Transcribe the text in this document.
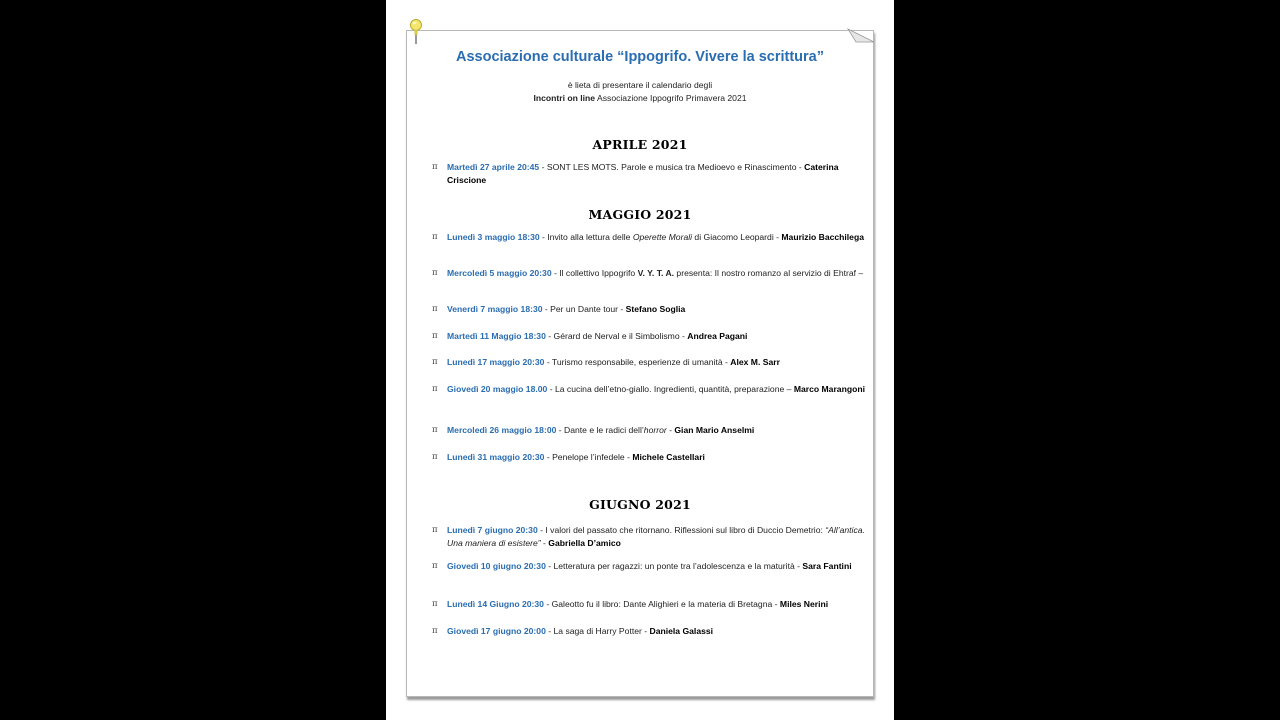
Associazione culturale “Ippogrifo. Vivere la scrittura”
è lieta di presentare il calendario degli
Incontri on line Associazione Ippogrifo Primavera 2021
APRILE 2021
MAGGIO 2021
GIUGNO 2021
π Martedì 27 aprile 20:45 - SONT LES MOTS. Parole e musica tra Medioevo e Rinascimento - Caterina Criscione
π Lunedì 3 maggio 18:30 - Invito alla lettura delle Operette Morali di Giacomo Leopardi - Maurizio Bacchilega
π Mercoledì 5 maggio 20:30 - Il collettivo Ippogrifo V. Y. T. A. presenta: Il nostro romanzo al servizio di Ehtraf –
π Venerdì 7 maggio 18:30 - Per un Dante tour - Stefano Soglia
π Martedì 11 Maggio 18:30 - Gérard de Nerval e il Simbolismo - Andrea Pagani
π Lunedì 17 maggio 20:30 - Turismo responsabile, esperienze di umanità - Alex M. Sarr
π Giovedì 20 maggio 18.00 - La cucina dell’etno-giallo. Ingredienti, quantità, preparazione – Marco Marangoni
π Mercoledì 26 maggio 18:00 - Dante e le radici dell’horror - Gian Mario Anselmi
π Lunedì 31 maggio 20:30 - Penelope l’infedele - Michele Castellari
π Lunedì 7 giugno 20:30 - I valori del passato che ritornano. Riflessioni sul libro di Duccio Demetrio: “All’antica. Una maniera di esistere” - Gabriella D’amico
π Giovedì 10 giugno 20:30 - Letteratura per ragazzi: un ponte tra l’adolescenza e la maturità - Sara Fantini
π Lunedì 14 Giugno 20:30 - Galeotto fu il libro: Dante Alighieri e la materia di Bretagna - Miles Nerini
π Giovedì 17 giugno 20:00 - La saga di Harry Potter - Daniela Galassi
